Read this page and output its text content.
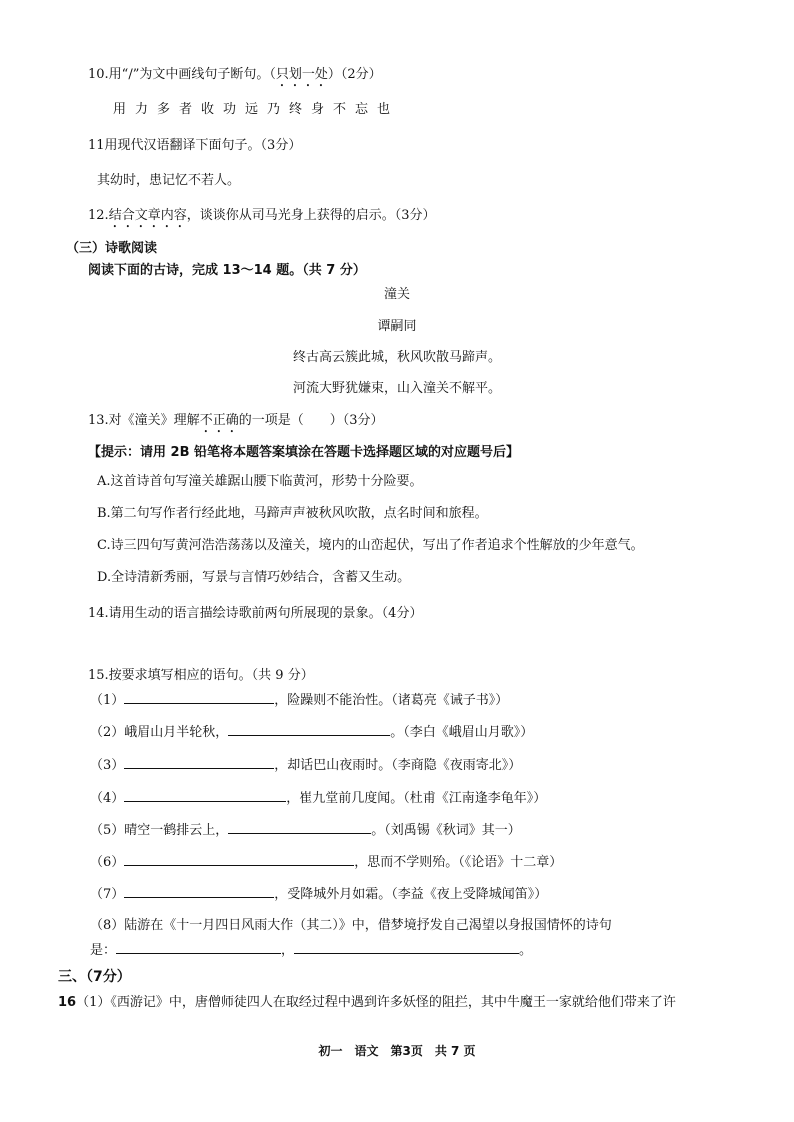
10.用“/”为文中画线句子断句。（只划一处）（2分）
用力多者收功远乃终身不忘也
11用现代汉语翻译下面句子。（3分）
其幼时，患记忆不若人。
12.结合文章内容，谈谈你从司马光身上获得的启示。（3分）
（三）诗歌阅读
阅读下面的古诗，完成 13～14 题。（共 7 分）
潼关
谭嗣同
终古高云簇此城，秋风吹散马蹄声。
河流大野犹嫌束，山入潼关不解平。
13.对《潼关》理解不正确的一项是（　　）（3分）
【提示：请用 2B 铅笔将本题答案填涂在答题卡选择题区域的对应题号后】
A.这首诗首句写潼关雄踞山腰下临黄河，形势十分险要。
B.第二句写作者行经此地，马蹄声声被秋风吹散，点名时间和旅程。
C.诗三四句写黄河浩浩荡荡以及潼关，境内的山峦起伏，写出了作者追求个性解放的少年意气。
D.全诗清新秀丽，写景与言情巧妙结合，含蓄又生动。
14.请用生动的语言描绘诗歌前两句所展现的景象。（4分）
15.按要求填写相应的语句。（共 9 分）
（1）	，险躁则不能治性。（诸葛亮《诫子书》）
（2）峨眉山月半轮秋，	。（李白《峨眉山月歌》）
（3）	，却话巴山夜雨时。（李商隐《夜雨寄北》）
（4）	，崔九堂前几度闻。（杜甫《江南逢李龟年》）
（5）晴空一鹤排云上，	。（刘禹锡《秋词》其一）
（6）	，思而不学则殆。（《论语》十二章）
（7）	，受降城外月如霜。（李益《夜上受降城闻笛》）
（8）陆游在《十一月四日风雨大作（其二）》中，借梦境抒发自己渴望以身报国情怀的诗句
是：	，	。
三、（7分）
16（1）《西游记》中，唐僧师徒四人在取经过程中遇到许多妖怪的阻拦，其中牛魔王一家就给他们带来了许
初一　语文　第3页　共 7 页
